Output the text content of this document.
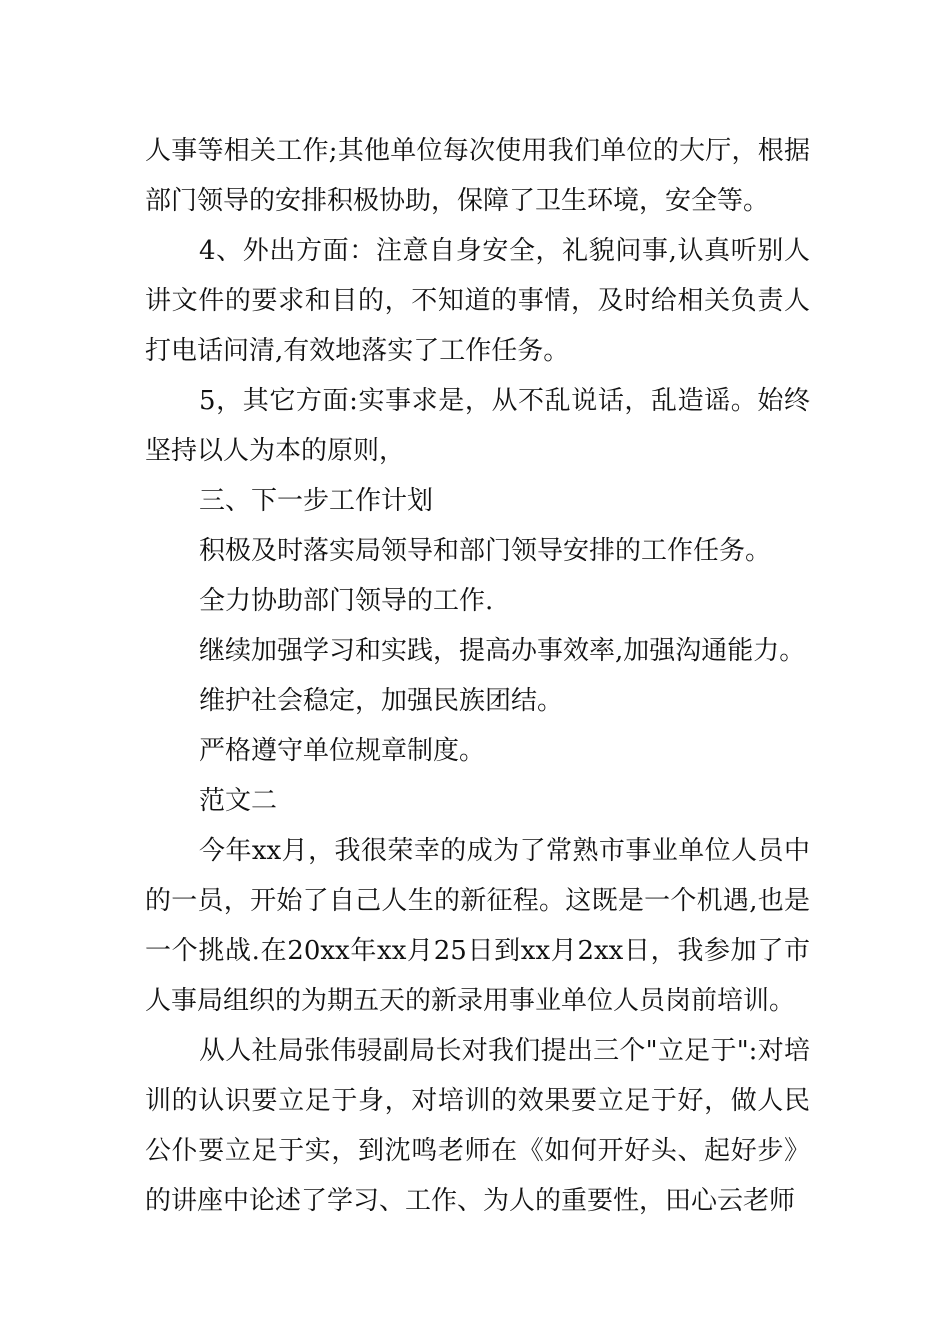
人事等相关工作;其他单位每次使用我们单位的大厅，根据部门领导的安排积极协助，保障了卫生环境，安全等。

4、外出方面：注意自身安全，礼貌问事,认真听别人讲文件的要求和目的，不知道的事情，及时给相关负责人打电话问清,有效地落实了工作任务。

5，其它方面:实事求是，从不乱说话，乱造谣。始终坚持以人为本的原则，

三、下一步工作计划

积极及时落实局领导和部门领导安排的工作任务。

全力协助部门领导的工作.

继续加强学习和实践，提高办事效率,加强沟通能力。

维护社会稳定，加强民族团结。

严格遵守单位规章制度。

范文二

今年xx月，我很荣幸的成为了常熟市事业单位人员中的一员，开始了自己人生的新征程。这既是一个机遇,也是一个挑战.在20xx年xx月25日到xx月2xx日，我参加了市人事局组织的为期五天的新录用事业单位人员岗前培训。

从人社局张伟骎副局长对我们提出三个"立足于":对培训的认识要立足于身，对培训的效果要立足于好，做人民公仆要立足于实，到沈鸣老师在《如何开好头、起好步》的讲座中论述了学习、工作、为人的重要性，田心云老师
